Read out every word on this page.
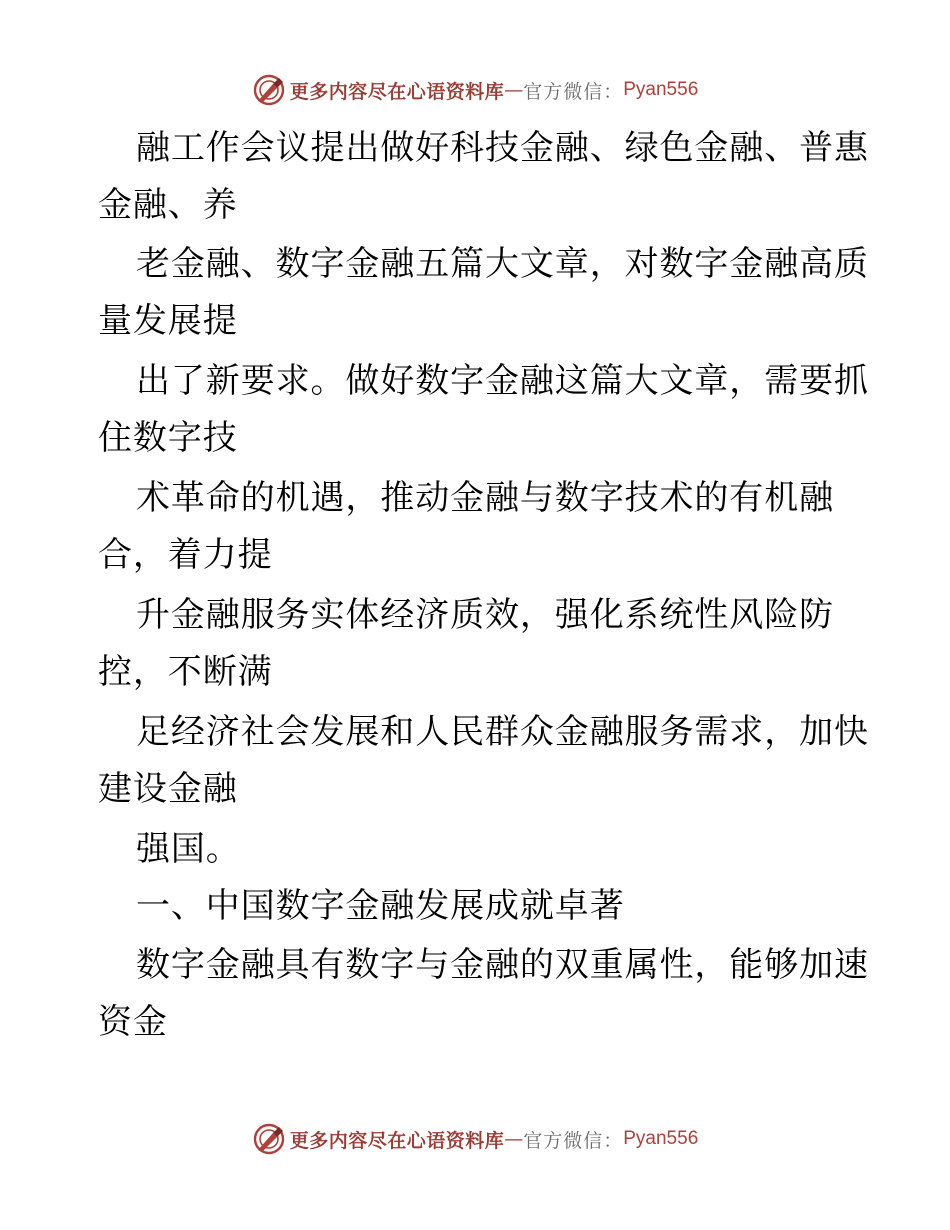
更多内容尽在心语资料库 — 官方微信： Pyan556
融工作会议提出做好科技金融、绿色金融、普惠
金融、养
老金融、数字金融五篇大文章，对数字金融高质
量发展提
出了新要求。做好数字金融这篇大文章，需要抓
住数字技
术革命的机遇，推动金融与数字技术的有机融
合，着力提
升金融服务实体经济质效，强化系统性风险防
控，不断满
足经济社会发展和人民群众金融服务需求，加快
建设金融
强国。
一、中国数字金融发展成就卓著
数字金融具有数字与金融的双重属性，能够加速
资金
更多内容尽在心语资料库 — 官方微信： Pyan556
